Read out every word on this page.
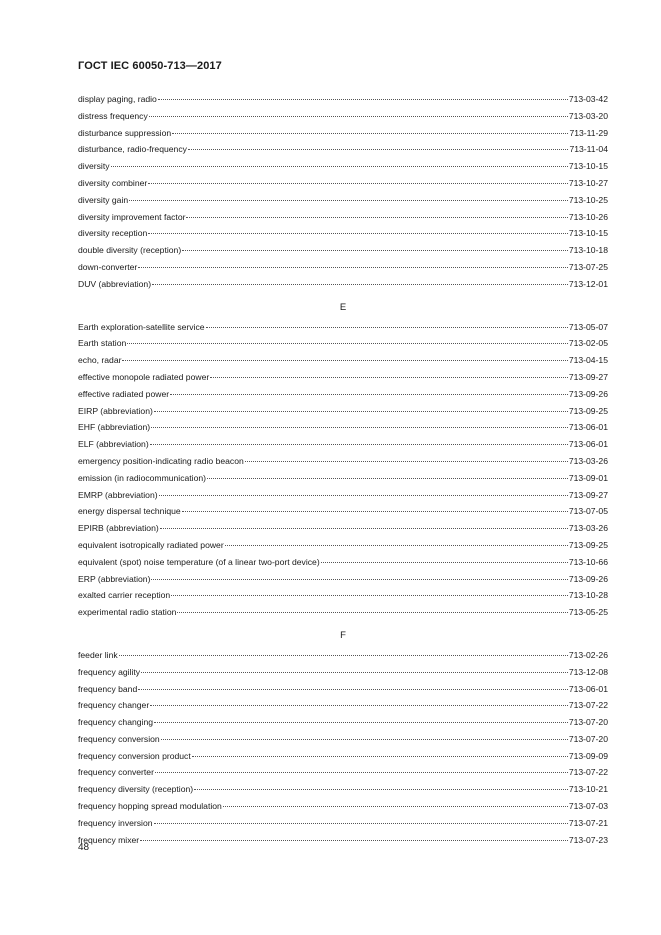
ГОСТ IEC 60050-713—2017
display paging, radio	713-03-42
distress frequency	713-03-20
disturbance suppression	713-11-29
disturbance, radio-frequency	713-11-04
diversity	713-10-15
diversity combiner	713-10-27
diversity gain	713-10-25
diversity improvement factor	713-10-26
diversity reception	713-10-15
double diversity (reception)	713-10-18
down-converter	713-07-25
DUV (abbreviation)	713-12-01
E
Earth exploration-satellite service	713-05-07
Earth station	713-02-05
echo, radar	713-04-15
effective monopole radiated power	713-09-27
effective radiated power	713-09-26
EIRP (abbreviation)	713-09-25
EHF (abbreviation)	713-06-01
ELF (abbreviation)	713-06-01
emergency position-indicating radio beacon	713-03-26
emission (in radiocommunication)	713-09-01
EMRP (abbreviation)	713-09-27
energy dispersal technique	713-07-05
EPIRB (abbreviation)	713-03-26
equivalent isotropically radiated power	713-09-25
equivalent (spot) noise temperature (of a linear two-port device)	713-10-66
ERP (abbreviation)	713-09-26
exalted carrier reception	713-10-28
experimental radio station	713-05-25
F
feeder link	713-02-26
frequency agility	713-12-08
frequency band	713-06-01
frequency changer	713-07-22
frequency changing	713-07-20
frequency conversion	713-07-20
frequency conversion product	713-09-09
frequency converter	713-07-22
frequency diversity (reception)	713-10-21
frequency hopping spread modulation	713-07-03
frequency inversion	713-07-21
frequency mixer	713-07-23
48
